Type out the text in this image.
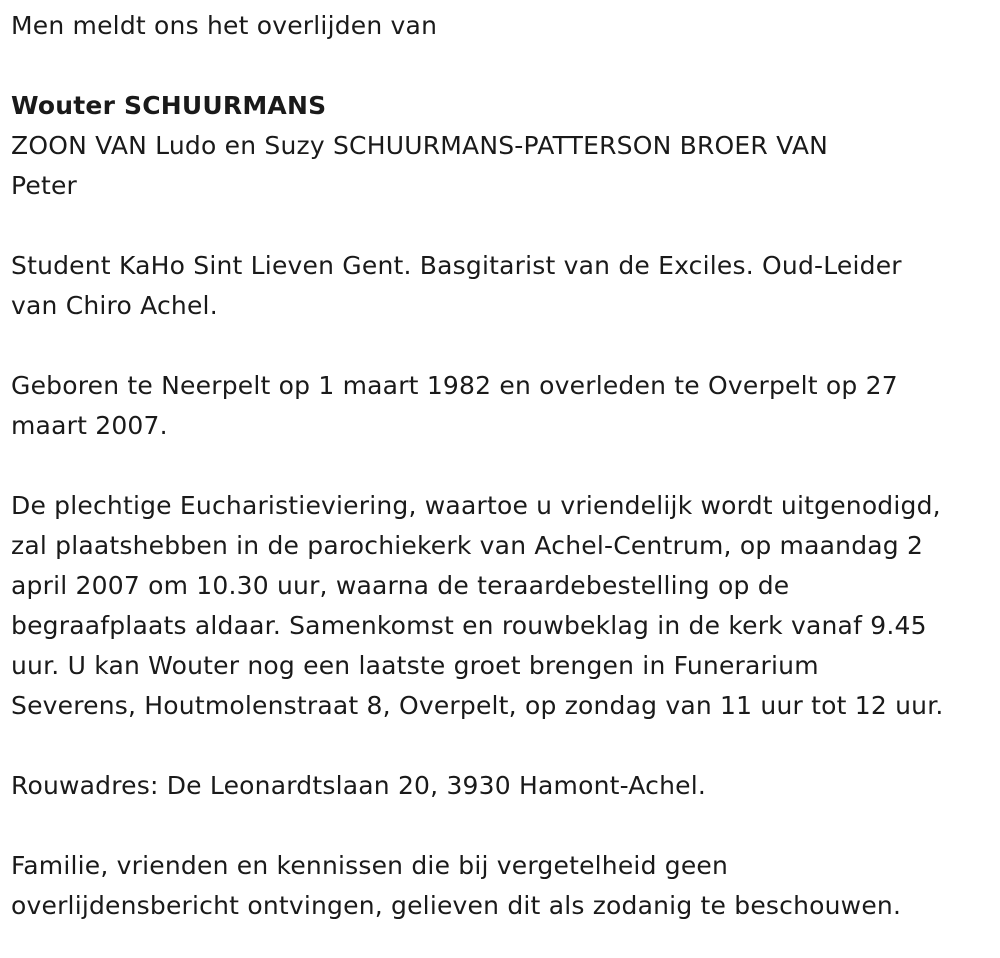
Men meldt ons het overlijden van

Wouter SCHUURMANS

ZOON VAN Ludo en Suzy SCHUURMANS-PATTERSON BROER VAN

Peter

Student KaHo Sint Lieven Gent. Basgitarist van de Exciles. Oud-Leider

van Chiro Achel.

Geboren te Neerpelt op 1 maart 1982 en overleden te Overpelt op 27

maart 2007.

De plechtige Eucharistieviering, waartoe u vriendelijk wordt uitgenodigd,

zal plaatshebben in de parochiekerk van Achel-Centrum, op maandag 2

april 2007 om 10.30 uur, waarna de teraardebestelling op de

begraafplaats aldaar. Samenkomst en rouwbeklag in de kerk vanaf 9.45

uur. U kan Wouter nog een laatste groet brengen in Funerarium

Severens, Houtmolenstraat 8, Overpelt, op zondag van 11 uur tot 12 uur.

Rouwadres: De Leonardtslaan 20, 3930 Hamont-Achel.

Familie, vrienden en kennissen die bij vergetelheid geen

overlijdensbericht ontvingen, gelieven dit als zodanig te beschouwen.
